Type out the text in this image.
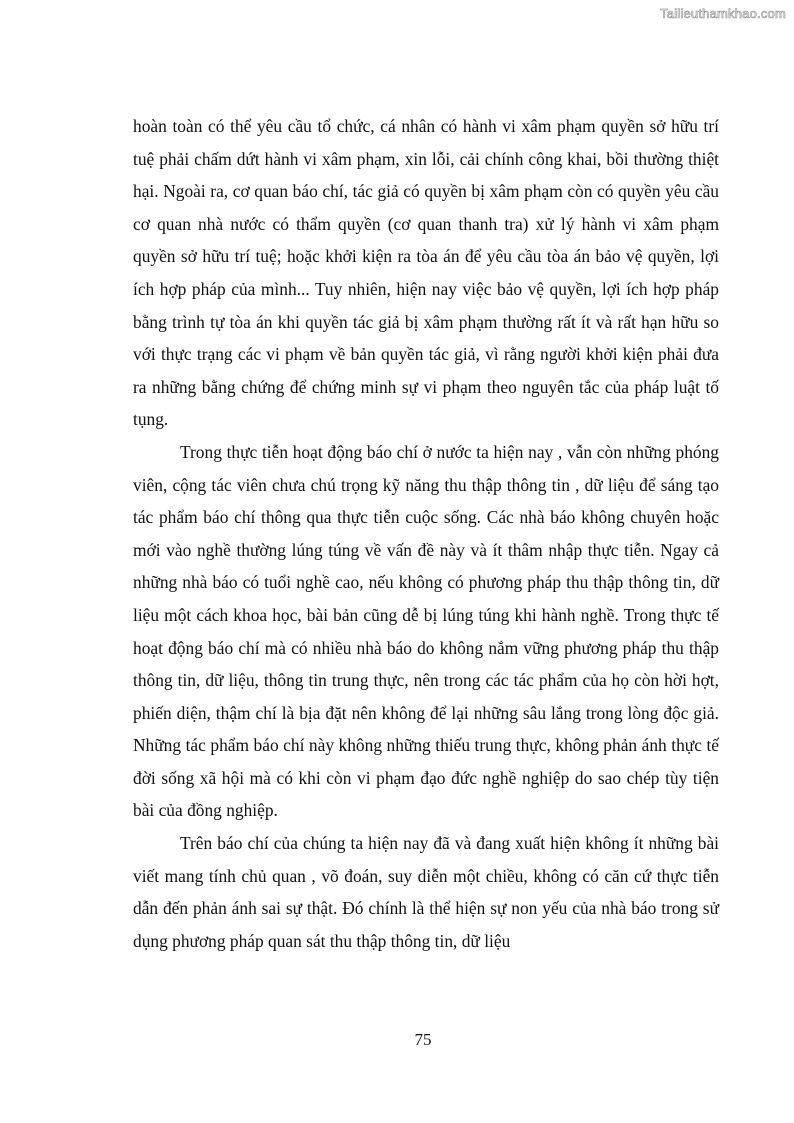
Tailieuthamkhao.com

hoàn toàn có thể yêu cầu tổ chức, cá nhân có hành vi xâm phạm quyền sở hữu trí tuệ phải chấm dứt hành vi xâm phạm, xin lỗi, cải chính công khai, bồi thường thiệt hại. Ngoài ra, cơ quan báo chí, tác giả có quyền bị xâm phạm còn có quyền yêu cầu cơ quan nhà nước có thẩm quyền (cơ quan thanh tra) xử lý hành vi xâm phạm quyền sở hữu trí tuệ; hoặc khởi kiện ra tòa án để yêu cầu tòa án bảo vệ quyền, lợi ích hợp pháp của mình... Tuy nhiên, hiện nay việc bảo vệ quyền, lợi ích hợp pháp bằng trình tự tòa án khi quyền tác giả bị xâm phạm thường rất ít và rất hạn hữu so với thực trạng các vi phạm về bản quyền tác giả, vì rằng người khởi kiện phải đưa ra những bằng chứng để chứng minh sự vi phạm theo nguyên tắc của pháp luật tố tụng.

Trong thực tiễn hoạt động báo chí ở nước ta hiện nay , vẫn còn những phóng viên, cộng tác viên chưa chú trọng kỹ năng thu thập thông tin , dữ liệu để sáng tạo tác phẩm báo chí thông qua thực tiễn cuộc sống. Các nhà báo không chuyên hoặc mới vào nghề thường lúng túng về vấn đề này và ít thâm nhập thực tiễn. Ngay cả những nhà báo có tuổi nghề cao, nếu không có phương pháp thu thập thông tin, dữ liệu một cách khoa học, bài bản cũng dễ bị lúng túng khi hành nghề. Trong thực tế hoạt động báo chí mà có nhiều nhà báo do không nắm vững phương pháp thu thập thông tin, dữ liệu, thông tin trung thực, nên trong các tác phẩm của họ còn hời hợt, phiến diện, thậm chí là bịa đặt nên không để lại những sâu lắng trong lòng độc giả. Những tác phẩm báo chí này không những thiếu trung thực, không phản ánh thực tế đời sống xã hội mà có khi còn vi phạm đạo đức nghề nghiệp do sao chép tùy tiện bài của đồng nghiệp.

Trên báo chí của chúng ta hiện nay đã và đang xuất hiện không ít những bài viết mang tính chủ quan , võ đoán, suy diễn một chiều, không có căn cứ thực tiễn dẫn đến phản ánh sai sự thật. Đó chính là thể hiện sự non yếu của nhà báo trong sử dụng phương pháp quan sát thu thập thông tin, dữ liệu

75
